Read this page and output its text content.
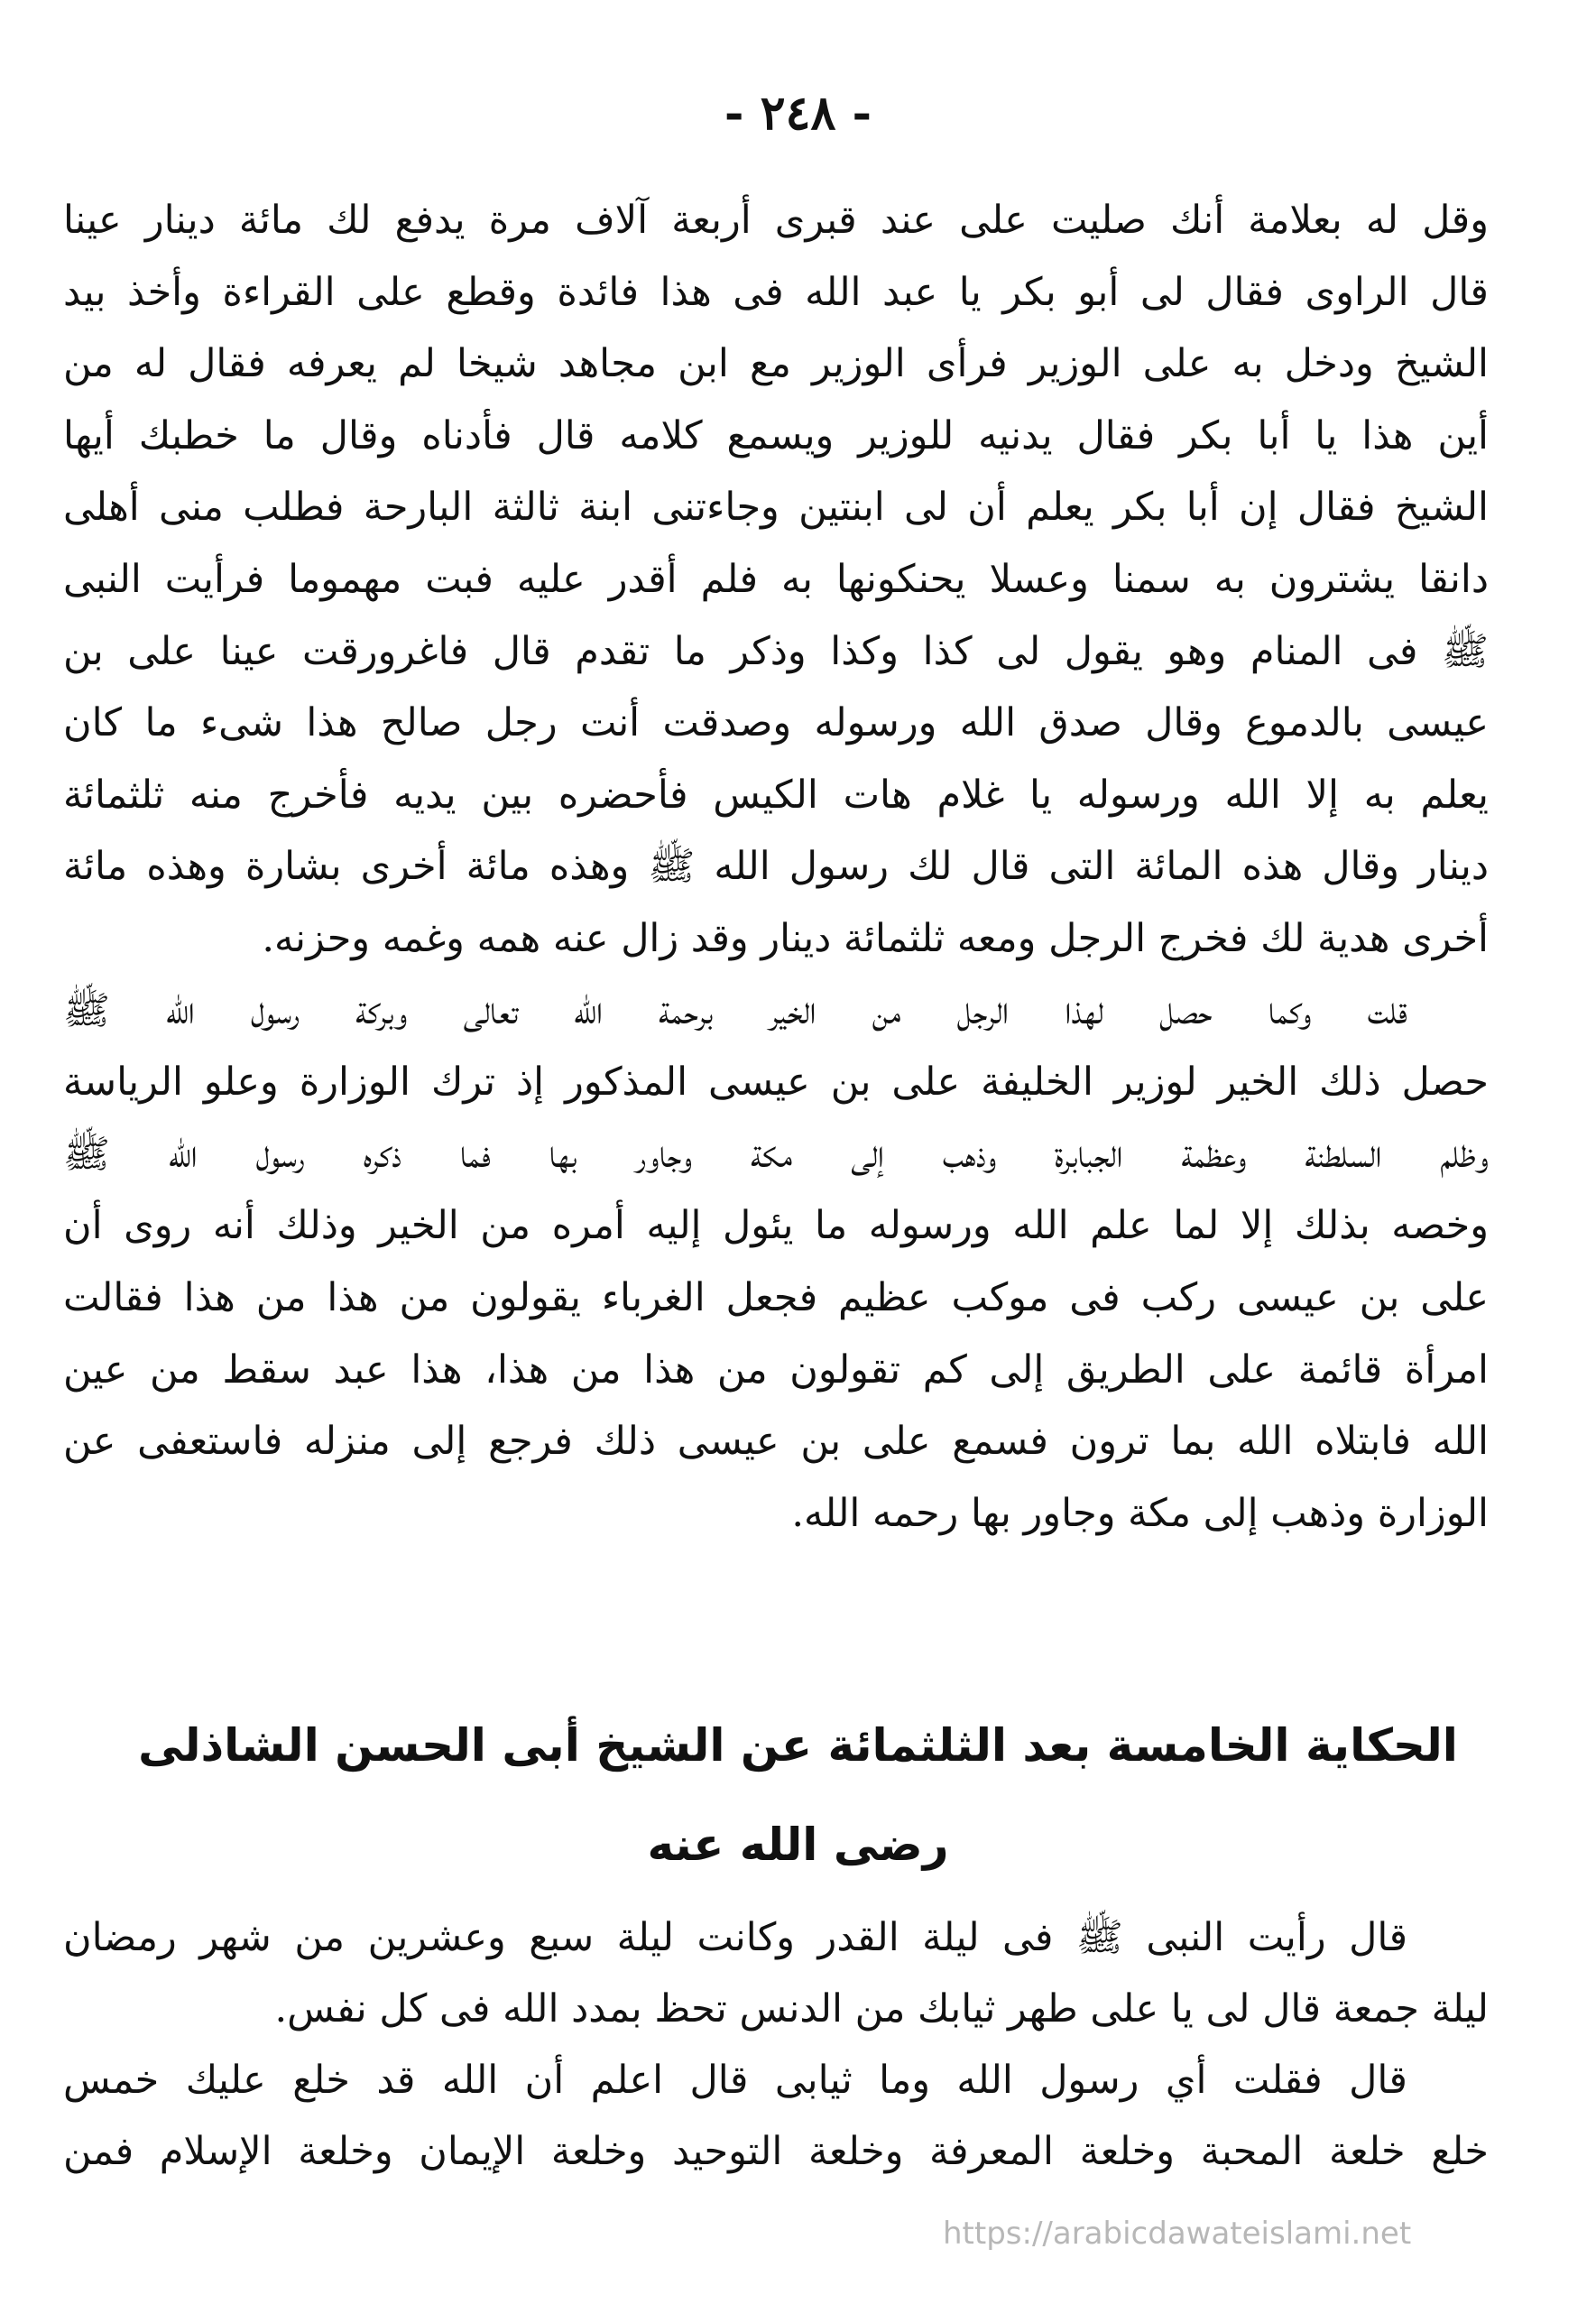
- ٢٤٨ -
وقل له بعلامة أنك صليت على عند قبرى أربعة آلاف مرة يدفع لك مائة دينار عينا
قال الراوى فقال لى أبو بكر يا عبد الله فى هذا فائدة وقطع على القراءة وأخذ بيد
الشيخ ودخل به على الوزير فرأى الوزير مع ابن مجاهد شيخا لم يعرفه فقال له من
أين هذا يا أبا بكر فقال يدنيه للوزير ويسمع كلامه قال فأدناه وقال ما خطبك أيها
الشيخ فقال إن أبا بكر يعلم أن لى ابنتين وجاءتنى ابنة ثالثة البارحة فطلب منى أهلى
دانقا يشترون به سمنا وعسلا يحنكونها به فلم أقدر عليه فبت مهموما فرأيت النبى
ﷺ فى المنام وهو يقول لى كذا وكذا وذكر ما تقدم قال فاغرورقت عينا على بن
عيسى بالدموع وقال صدق الله ورسوله وصدقت أنت رجل صالح هذا شىء ما كان
يعلم به إلا الله ورسوله يا غلام هات الكيس فأحضره بين يديه فأخرج منه ثلثمائة
دينار وقال هذه المائة التى قال لك رسول الله ﷺ وهذه مائة أخرى بشارة وهذه مائة
أخرى هدية لك فخرج الرجل ومعه ثلثمائة دينار وقد زال عنه همه وغمه وحزنه.
قلت وكما حصل لهذا الرجل من الخير برحمة الله تعالى وبركة رسول الله ﷺ
حصل ذلك الخير لوزير الخليفة على بن عيسى المذكور إذ ترك الوزارة وعلو الرياسة
وظلم السلطنة وعظمة الجبابرة وذهب إلى مكة وجاور بها فما ذكره رسول الله ﷺ
وخصه بذلك إلا لما علم الله ورسوله ما يئول إليه أمره من الخير وذلك أنه روى أن
على بن عيسى ركب فى موكب عظيم فجعل الغرباء يقولون من هذا من هذا فقالت
امرأة قائمة على الطريق إلى كم تقولون من هذا من هذا، هذا عبد سقط من عين
الله فابتلاه الله بما ترون فسمع على بن عيسى ذلك فرجع إلى منزله فاستعفى عن
الوزارة وذهب إلى مكة وجاور بها رحمه الله.
الحكاية الخامسة بعد الثلثمائة عن الشيخ أبى الحسن الشاذلى
رضى الله عنه
قال رأيت النبى ﷺ فى ليلة القدر وكانت ليلة سبع وعشرين من شهر رمضان
ليلة جمعة قال لى يا على طهر ثيابك من الدنس تحظ بمدد الله فى كل نفس.
قال فقلت أي رسول الله وما ثيابى قال اعلم أن الله قد خلع عليك خمس
خلع خلعة المحبة وخلعة المعرفة وخلعة التوحيد وخلعة الإيمان وخلعة الإسلام فمن
https://arabicdawateislami.net
